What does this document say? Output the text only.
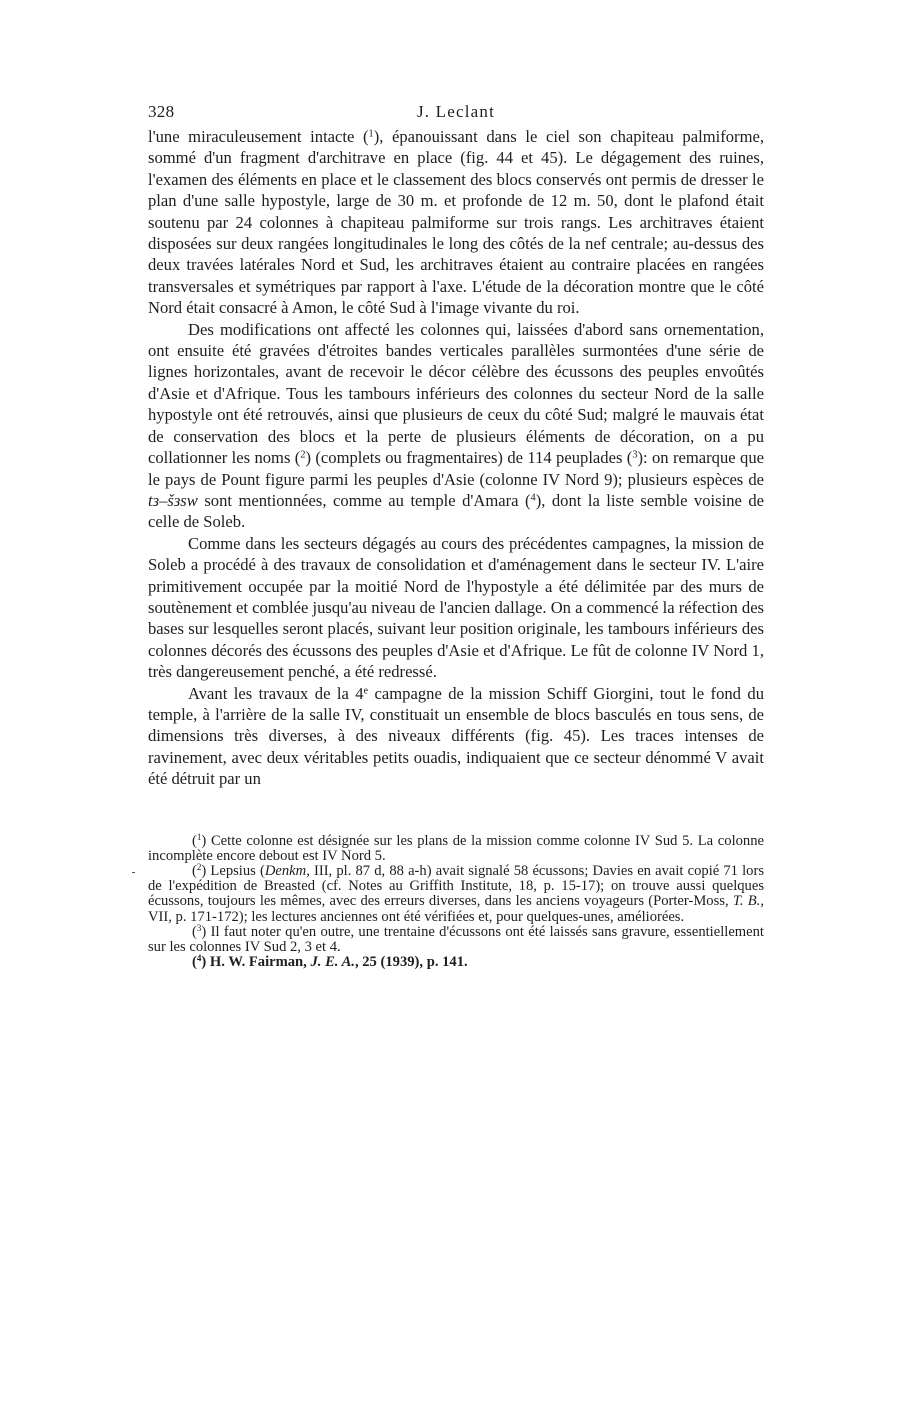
328	J. Leclant

l'une miraculeusement intacte ($^1$), épanouissant dans le ciel son chapiteau palmiforme, sommé d'un fragment d'architrave en place (fig. 44 et 45). Le dégagement des ruines, l'examen des éléments en place et le classement des blocs conservés ont permis de dresser le plan d'une salle hypostyle, large de 30 m. et profonde de 12 m. 50, dont le plafond était soutenu par 24 colonnes à chapiteau palmiforme sur trois rangs. Les architraves étaient disposées sur deux rangées longitudinales le long des côtés de la nef centrale; au-dessus des deux travées latérales Nord et Sud, les architraves étaient au contraire placées en rangées transversales et symétriques par rapport à l'axe. L'étude de la décoration montre que le côté Nord était consacré à Amon, le côté Sud à l'image vivante du roi.

Des modifications ont affecté les colonnes qui, laissées d'abord sans ornementation, ont ensuite été gravées d'étroites bandes verticales parallèles surmontées d'une série de lignes horizontales, avant de recevoir le décor célèbre des écussons des peuples envoûtés d'Asie et d'Afrique. Tous les tambours inférieurs des colonnes du secteur Nord de la salle hypostyle ont été retrouvés, ainsi que plusieurs de ceux du côté Sud; malgré le mauvais état de conservation des blocs et la perte de plusieurs éléments de décoration, on a pu collationner les noms ($^2$) (complets ou fragmentaires) de 114 peuplades ($^3$): on remarque que le pays de Pount figure parmi les peuples d'Asie (colonne IV Nord 9); plusieurs espèces de tз–šзsw sont mentionnées, comme au temple d'Amara ($^4$), dont la liste semble voisine de celle de Soleb.

Comme dans les secteurs dégagés au cours des précédentes campagnes, la mission de Soleb a procédé à des travaux de consolidation et d'aménagement dans le secteur IV. L'aire primitivement occupée par la moitié Nord de l'hypostyle a été délimitée par des murs de soutènement et comblée jusqu'au niveau de l'ancien dallage. On a commencé la réfection des bases sur lesquelles seront placés, suivant leur position originale, les tambours inférieurs des colonnes décorés des écussons des peuples d'Asie et d'Afrique. Le fût de colonne IV Nord 1, très dangereusement penché, a été redressé.

Avant les travaux de la 4e campagne de la mission Schiff Giorgini, tout le fond du temple, à l'arrière de la salle IV, constituait un ensemble de blocs basculés en tous sens, de dimensions très diverses, à des niveaux différents (fig. 45). Les traces intenses de ravinement, avec deux véritables petits ouadis, indiquaient que ce secteur dénommé V avait été détruit par un

($^1$) Cette colonne est désignée sur les plans de la mission comme colonne IV Sud 5. La colonne incomplète encore debout est IV Nord 5.

($^2$) Lepsius (Denkm, III, pl. 87 d, 88 a-h) avait signalé 58 écussons; Davies en avait copié 71 lors de l'expédition de Breasted (cf. Notes au Griffith Institute, 18, p. 15-17); on trouve aussi quelques écussons, toujours les mêmes, avec des erreurs diverses, dans les anciens voyageurs (Porter-Moss, T. B., VII, p. 171-172); les lectures anciennes ont été vérifiées et, pour quelques-unes, améliorées.

($^3$) Il faut noter qu'en outre, une trentaine d'écussons ont été laissés sans gravure, essentiellement sur les colonnes IV Sud 2, 3 et 4.

($^4$) H. W. Fairman, J. E. A., 25 (1939), p. 141.
